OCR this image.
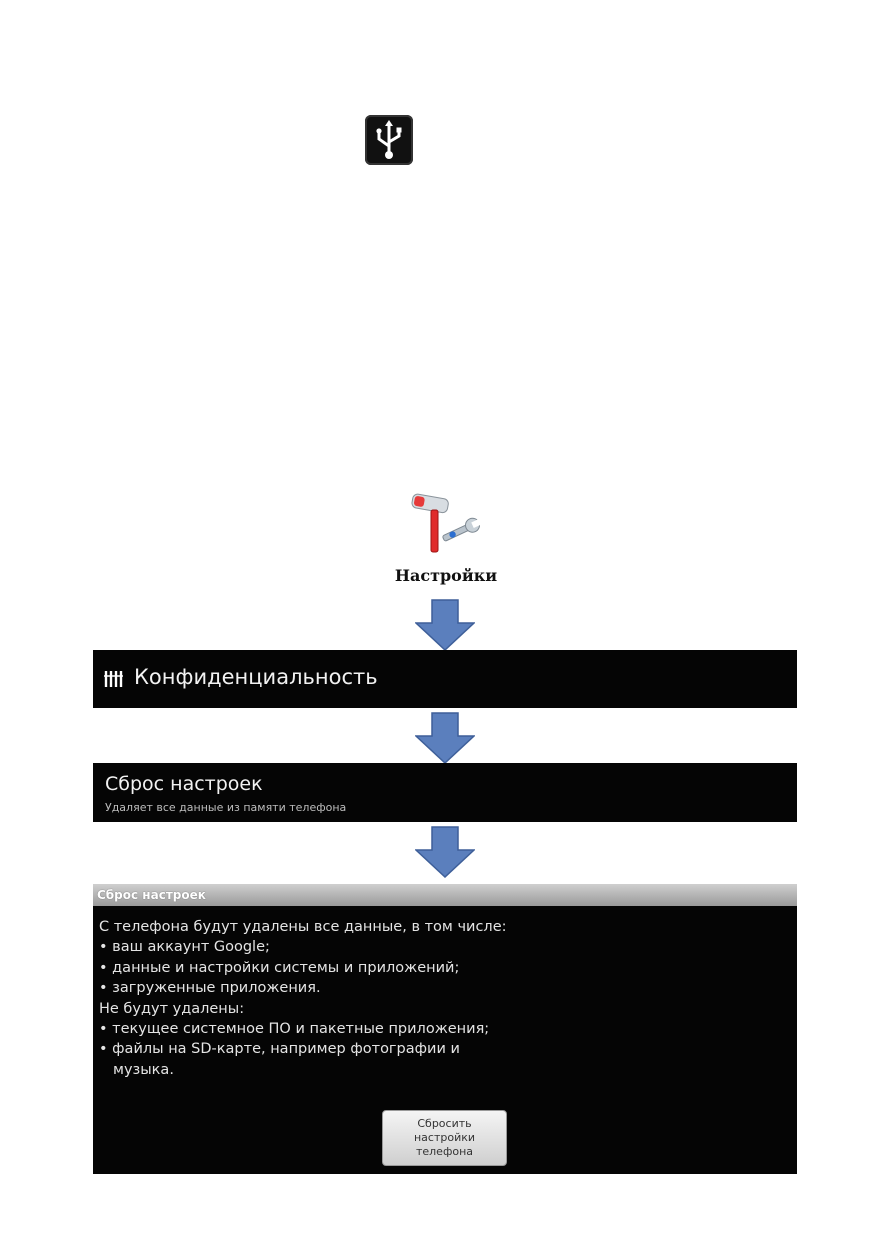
Настройки
Конфиденциальность
Сброс настроек
Удаляет все данные из памяти телефона
Сброс настроек
С телефона будут удалены все данные, в том числе:
• ваш аккаунт Google;
• данные и настройки системы и приложений;
• загруженные приложения.
Не будут удалены:
• текущее системное ПО и пакетные приложения;
• файлы на SD-карте, например фотографии и
музыка.
Сбросить
настройки
телефона
